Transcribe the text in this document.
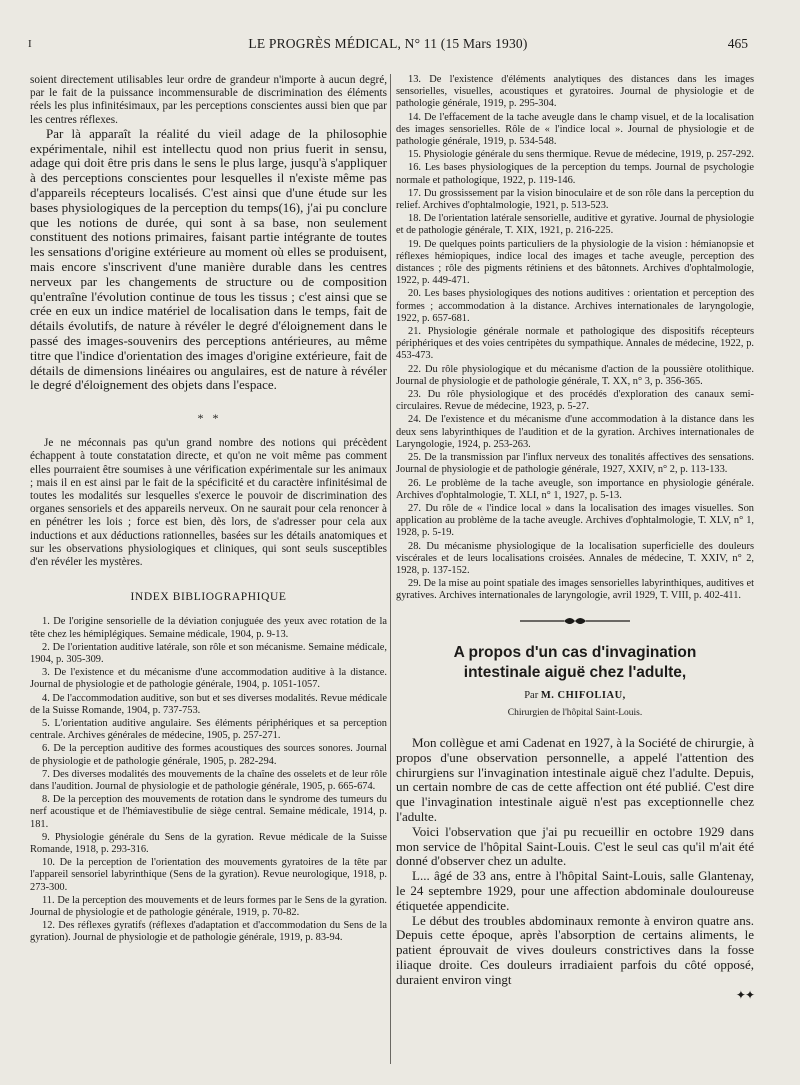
I	LE PROGRÈS MÉDICAL, N° 11 (15 Mars 1930)	465

soient directement utilisables leur ordre de grandeur n'importe à aucun degré, par le fait de la puissance incommensurable de discrimination des éléments réels les plus infinitésimaux, par les perceptions conscientes aussi bien que par les centres réflexes.

Par là apparaît la réalité du vieil adage de la philosophie expérimentale, nihil est intellectu quod non prius fuerit in sensu, adage qui doit être pris dans le sens le plus large, jusqu'à s'appliquer à des perceptions conscientes pour lesquelles il n'existe même pas d'appareils récepteurs localisés. C'est ainsi que d'une étude sur les bases physiologiques de la perception du temps(16), j'ai pu conclure que les notions de durée, qui sont à sa base, non seulement constituent des notions primaires, faisant partie intégrante de toutes les sensations d'origine extérieure au moment où elles se produisent, mais encore s'inscrivent d'une manière durable dans les centres nerveux par les changements de structure ou de composition qu'entraîne l'évolution continue de tous les tissus ; c'est ainsi que se crée en eux un indice matériel de localisation dans le temps, fait de détails évolutifs, de nature à révéler le degré d'éloignement dans le passé des images-souvenirs des perceptions antérieures, au même titre que l'indice d'orientation des images d'origine extérieure, fait de détails de dimensions linéaires ou angulaires, est de nature à révéler le degré d'éloignement des objets dans l'espace.

*  *

Je ne méconnais pas qu'un grand nombre des notions qui précèdent échappent à toute constatation directe, et qu'on ne voit même pas comment elles pourraient être soumises à une vérification expérimentale sur les animaux ; mais il en est ainsi par le fait de la spécificité et du caractère infinitésimal de toutes les modalités sur lesquelles s'exerce le pouvoir de discrimination des organes sensoriels et des appareils nerveux. On ne saurait pour cela renoncer à en pénétrer les lois ; force est bien, dès lors, de s'adresser pour cela aux inductions et aux déductions rationnelles, basées sur les détails anatomiques et sur les observations physiologiques et cliniques, qui sont seuls susceptibles d'en révéler les mystères.

INDEX BIBLIOGRAPHIQUE

1. De l'origine sensorielle de la déviation conjuguée des yeux avec rotation de la tête chez les hémiplégiques. Semaine médicale, 1904, p. 9-13.

2. De l'orientation auditive latérale, son rôle et son mécanisme. Semaine médicale, 1904, p. 305-309.

3. De l'existence et du mécanisme d'une accommodation auditive à la distance. Journal de physiologie et de pathologie générale, 1904, p. 1051-1057.

4. De l'accommodation auditive, son but et ses diverses modalités. Revue médicale de la Suisse Romande, 1904, p. 737-753.

5. L'orientation auditive angulaire. Ses éléments périphériques et sa perception centrale. Archives générales de médecine, 1905, p. 257-271.

6. De la perception auditive des formes acoustiques des sources sonores. Journal de physiologie et de pathologie générale, 1905, p. 282-294.

7. Des diverses modalités des mouvements de la chaîne des osselets et de leur rôle dans l'audition. Journal de physiologie et de pathologie générale, 1905, p. 665-674.

8. De la perception des mouvements de rotation dans le syndrome des tumeurs du nerf acoustique et de l'hémiavestibulie de siège central. Semaine médicale, 1914, p. 181.

9. Physiologie générale du Sens de la gyration. Revue médicale de la Suisse Romande, 1918, p. 293-316.

10. De la perception de l'orientation des mouvements gyratoires de la tête par l'appareil sensoriel labyrinthique (Sens de la gyration). Revue neurologique, 1918, p. 273-300.

11. De la perception des mouvements et de leurs formes par le Sens de la gyration. Journal de physiologie et de pathologie générale, 1919, p. 70-82.

12. Des réflexes gyratifs (réflexes d'adaptation et d'accommodation du Sens de la gyration). Journal de physiologie et de pathologie générale, 1919, p. 83-94.

13. De l'existence d'éléments analytiques des distances dans les images sensorielles, visuelles, acoustiques et gyratoires. Journal de physiologie et de pathologie générale, 1919, p. 295-304.

14. De l'effacement de la tache aveugle dans le champ visuel, et de la localisation des images sensorielles. Rôle de « l'indice local ». Journal de physiologie et de pathologie générale, 1919, p. 534-548.

15. Physiologie générale du sens thermique. Revue de médecine, 1919, p. 257-292.

16. Les bases physiologiques de la perception du temps. Journal de psychologie normale et pathologique, 1922, p. 119-146.

17. Du grossissement par la vision binoculaire et de son rôle dans la perception du relief. Archives d'ophtalmologie, 1921, p. 513-523.

18. De l'orientation latérale sensorielle, auditive et gyrative. Journal de physiologie et de pathologie générale, T. XIX, 1921, p. 216-225.

19. De quelques points particuliers de la physiologie de la vision : hémianopsie et réflexes hémiopiques, indice local des images et tache aveugle, perception des distances ; rôle des pigments rétiniens et des bâtonnets. Archives d'ophtalmologie, 1922, p. 449-471.

20. Les bases physiologiques des notions auditives : orientation et perception des formes ; accommodation à la distance. Archives internationales de laryngologie, 1922, p. 657-681.

21. Physiologie générale normale et pathologique des dispositifs récepteurs périphériques et des voies centripètes du sympathique. Annales de médecine, 1922, p. 453-473.

22. Du rôle physiologique et du mécanisme d'action de la poussière otolithique. Journal de physiologie et de pathologie générale, T. XX, n° 3, p. 356-365.

23. Du rôle physiologique et des procédés d'exploration des canaux semi-circulaires. Revue de médecine, 1923, p. 5-27.

24. De l'existence et du mécanisme d'une accommodation à la distance dans les deux sens labyrinthiques de l'audition et de la gyration. Archives internationales de Laryngologie, 1924, p. 253-263.

25. De la transmission par l'influx nerveux des tonalités affectives des sensations. Journal de physiologie et de pathologie générale, 1927, XXIV, n° 2, p. 113-133.

26. Le problème de la tache aveugle, son importance en physiologie générale. Archives d'ophtalmologie, T. XLI, n° 1, 1927, p. 5-13.

27. Du rôle de « l'indice local » dans la localisation des images visuelles. Son application au problème de la tache aveugle. Archives d'ophtalmologie, T. XLV, n° 1, 1928, p. 5-19.

28. Du mécanisme physiologique de la localisation superficielle des douleurs viscérales et de leurs localisations croisées. Annales de médecine, T. XXIV, n° 2, 1928, p. 137-152.

29. De la mise au point spatiale des images sensorielles labyrinthiques, auditives et gyratives. Archives internationales de laryngologie, avril 1929, T. VIII, p. 402-411.

A propos d'un cas d'invagination

intestinale aiguë chez l'adulte,

Par M. CHIFOLIAU,
Chirurgien de l'hôpital Saint-Louis.

Mon collègue et ami Cadenat en 1927, à la Société de chirurgie, à propos d'une observation personnelle, a appelé l'attention des chirurgiens sur l'invagination intestinale aiguë chez l'adulte. Depuis, un certain nombre de cas de cette affection ont été publié. C'est dire que l'invagination intestinale aiguë n'est pas exceptionnelle chez l'adulte.

Voici l'observation que j'ai pu recueillir en octobre 1929 dans mon service de l'hôpital Saint-Louis. C'est le seul cas qu'il m'ait été donné d'observer chez un adulte.

L... âgé de 33 ans, entre à l'hôpital Saint-Louis, salle Glantenay, le 24 septembre 1929, pour une affection abdominale douloureuse étiquetée appendicite.

Le début des troubles abdominaux remonte à environ quatre ans. Depuis cette époque, après l'absorption de certains aliments, le patient éprouvait de vives douleurs constrictives dans la fosse iliaque droite. Ces douleurs irradiaient parfois du côté opposé, duraient environ vingt

✦✦
